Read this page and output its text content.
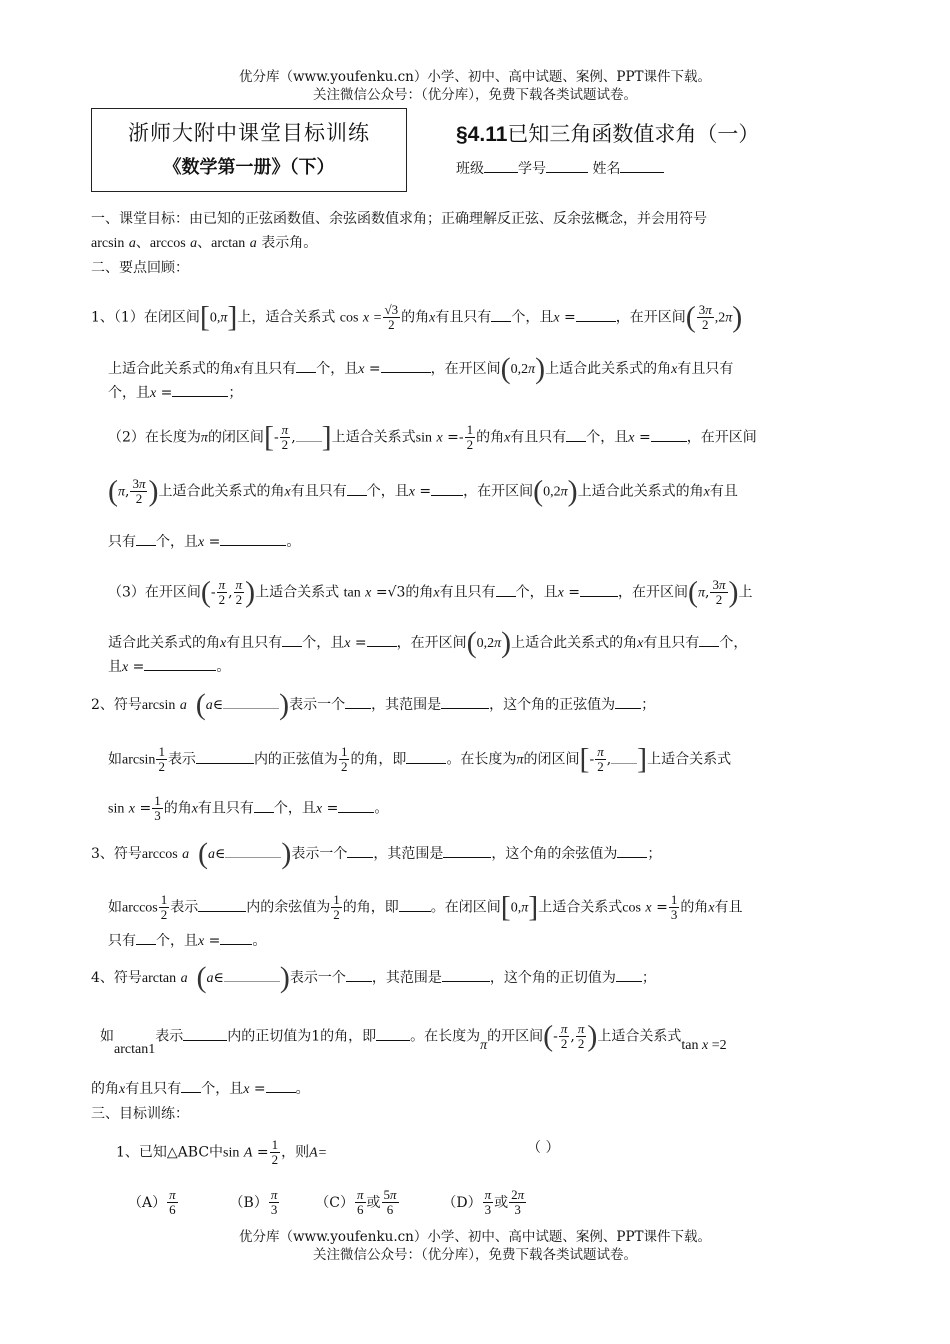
优分库（www.youfenku.cn）小学、初中、高中试题、案例、PPT课件下载。
关注微信公众号：（优分库），免费下载各类试题试卷。
浙师大附中课堂目标训练
《数学第一册》（下）
§4.11已知三角函数值求角（一）
班级 学号	姓名
一、课堂目标：由已知的正弦函数值、余弦函数值求角；正确理解反正弦、反余弦概念，并会用符号
arcsin a、arccos a、arctan a 表示角。
二、要点回顾：
1、（1）在闭区间[0,π]上，适合关系式 $\cos x = \frac{√3}{2}$ 的角x有且只有 个，且x =	，在开区间( $\frac{3\pi}{2} ,2\pi$)
上适合此关系式的角x有且只有 个，且x =	，在开区间(0,2π)上适合此关系式的角x有且只有
个，且x =	；
（2）在长度为π的闭区间[- $\frac{\pi}{2}$ , ]上适合关系式$\sin x =- \frac{1}{2}$ 的角x有且只有 个，且x =	，在开区间
(π, $\frac{3\pi}{2}$ )上适合此关系式的角x有且只有 个，且x = ，在开区间(0,2π)上适合此关系式的角x有且
只有 个，且x =	。
（3）在开区间(- $\frac{\pi}{2}$ , $\frac{\pi}{2}$ )上适合关系式 tan x =√3的角x有且只有 个，且x =	，在开区间(π, $\frac{3\pi}{2}$ )上
适合此关系式的角x有且只有 个，且x = ，在开区间(0,2π)上适合此关系式的角x有且只有 个，
且x =	。
2、符号arcsin a (a∈ )表示一个 ，其范围是	，这个角的正弦值为 ；
如$\arcsin \frac{1}{2}$ 表示	内的正弦值为 $\frac{1}{2}$ 的角，即	。在长度为π的闭区间[- $\frac{\pi}{2}$ , ]上适合关系式
$\sin x = \frac{1}{3}$ 的角x有且只有 个，且x =	。
3、符号arccos a (a∈ )表示一个 ，其范围是	，这个角的余弦值为 ；
如$\arccos \frac{1}{2}$ 表示	内的余弦值为 $\frac{1}{2}$ 的角，即 。在闭区间[0,π]上适合关系式$\cos x = \frac{1}{3}$ 的角x有且
只有 个，且x = 。
4、符号arctan a (a∈ )表示一个 ，其范围是	，这个角的正切值为 ；
如arctan1表示	内的正切值为1的角，即 。在长度为π的开区间(- $\frac{\pi}{2}$ , $\frac{\pi}{2}$ )上适合关系式tan x =2
的角x有且只有 个，且x = 。
三、目标训练：
1、已知△ABC中$\sin A = \frac{1}{2}$ ，则A=	（ ）
$(A) \frac{\pi}{6}$	$(B) \frac{\pi}{3}$	$(C) \frac{\pi}{6}$ 或 $\frac{5\pi}{6}$	$(D) \frac{\pi}{3}$ 或 $\frac{2\pi}{3}$
优分库（www.youfenku.cn）小学、初中、高中试题、案例、PPT课件下载。
关注微信公众号：（优分库），免费下载各类试题试卷。
